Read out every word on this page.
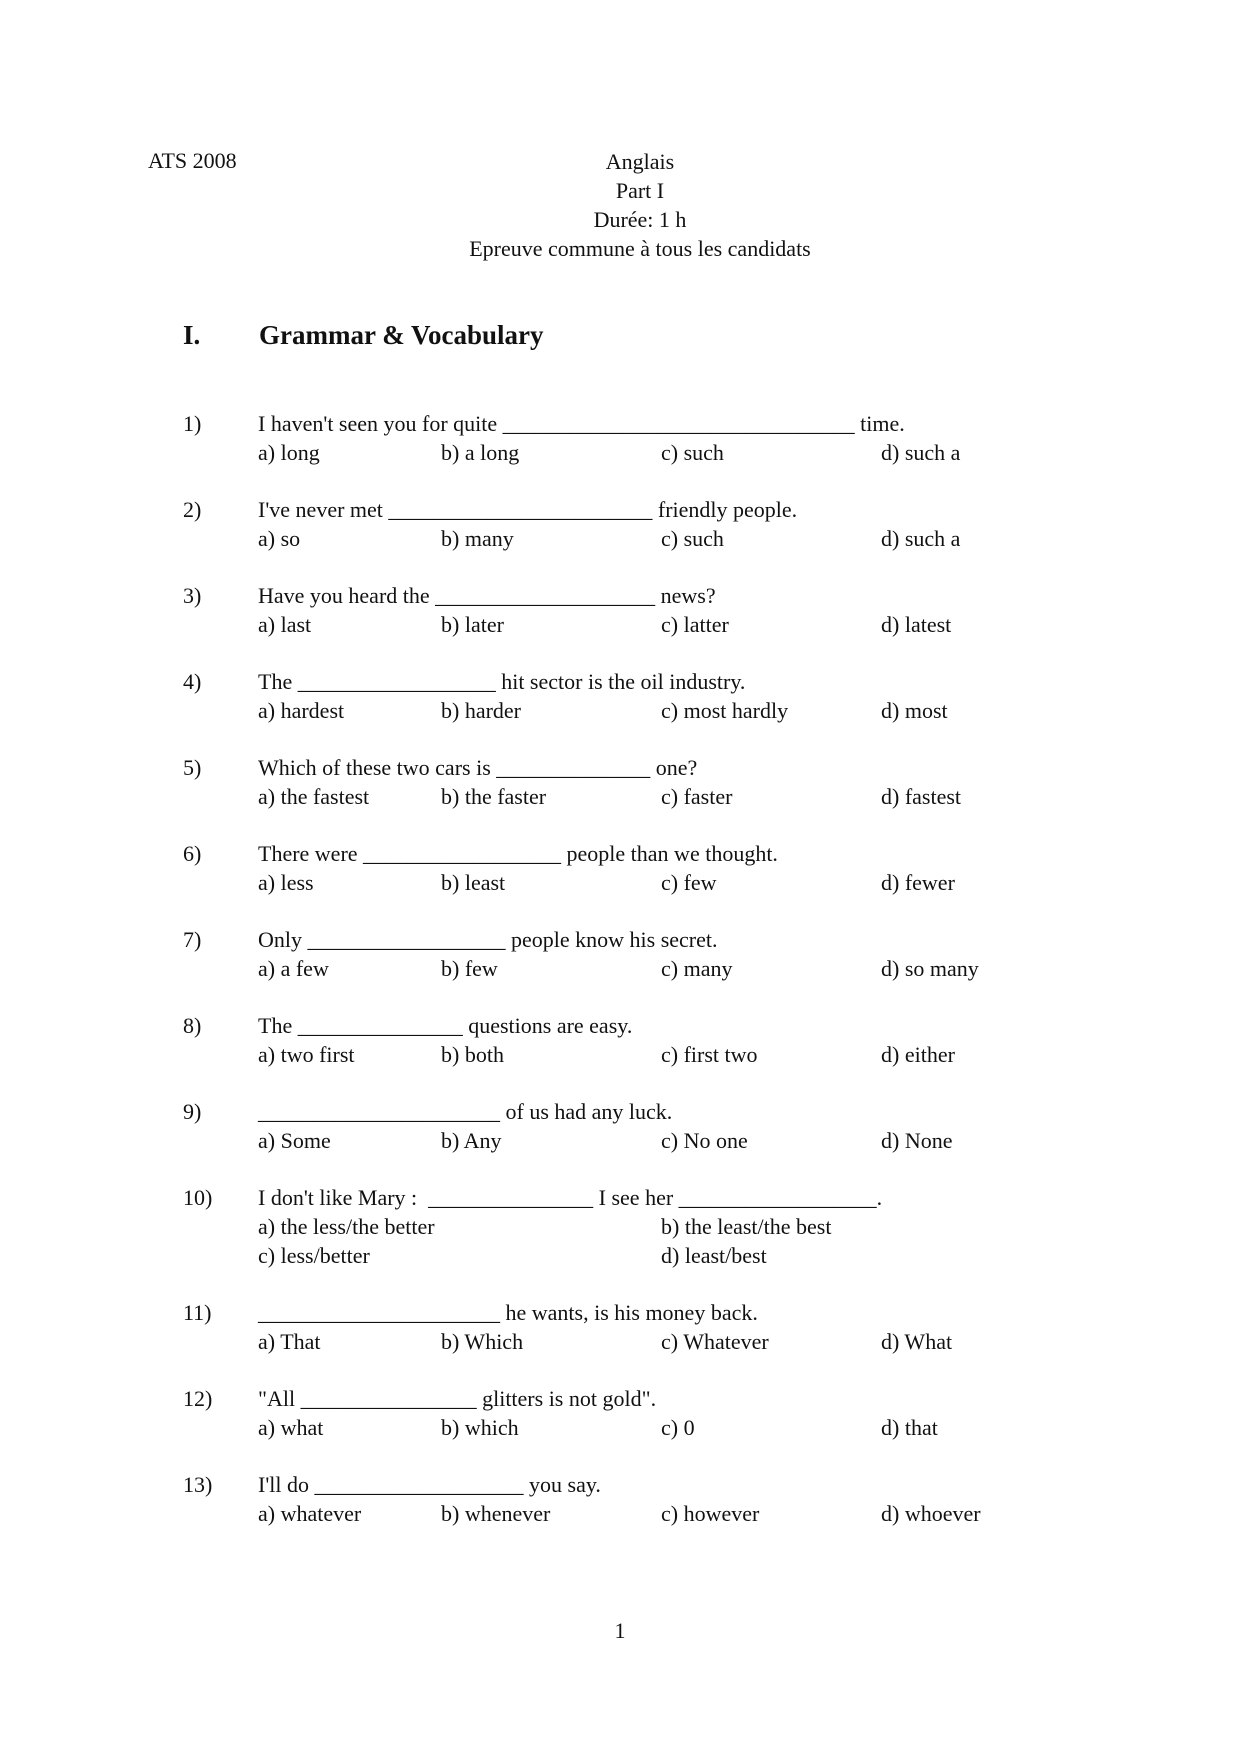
ATS 2008	Anglais
Part I
Durée: 1 h
Epreuve commune à tous les candidats
I. Grammar & Vocabulary
1)	I haven't seen you for quite ________________________________ time.
a) long	b) a long	c) such	d) such a
2)	I've never met ________________________ friendly people.
a) so	b) many	c) such	d) such a
3)	Have you heard the ____________________ news?
a) last	b) later	c) latter	d) latest
4)	The __________________ hit sector is the oil industry.
a) hardest	b) harder	c) most hardly	d) most
5)	Which of these two cars is ______________ one?
a) the fastest	b) the faster	c) faster	d) fastest
6)	There were __________________ people than we thought.
a) less	b) least	c) few	d) fewer
7)	Only __________________ people know his secret.
a) a few	b) few	c) many	d) so many
8)	The _______________ questions are easy.
a) two first	b) both	c) first two	d) either
9)	______________________ of us had any luck.
a) Some	b) Any	c) No one	d) None
10) I don't like Mary :  _______________ I see her __________________.
a) the less/the better	b) the least/the best
c) less/better	d) least/best
11) ______________________ he wants, is his money back.
a) That	b) Which	c) Whatever	d) What
12) "All ________________ glitters is not gold".
a) what	b) which	c) 0	d) that
13) I'll do ___________________ you say.
a) whatever	b) whenever	c) however	d) whoever
1
